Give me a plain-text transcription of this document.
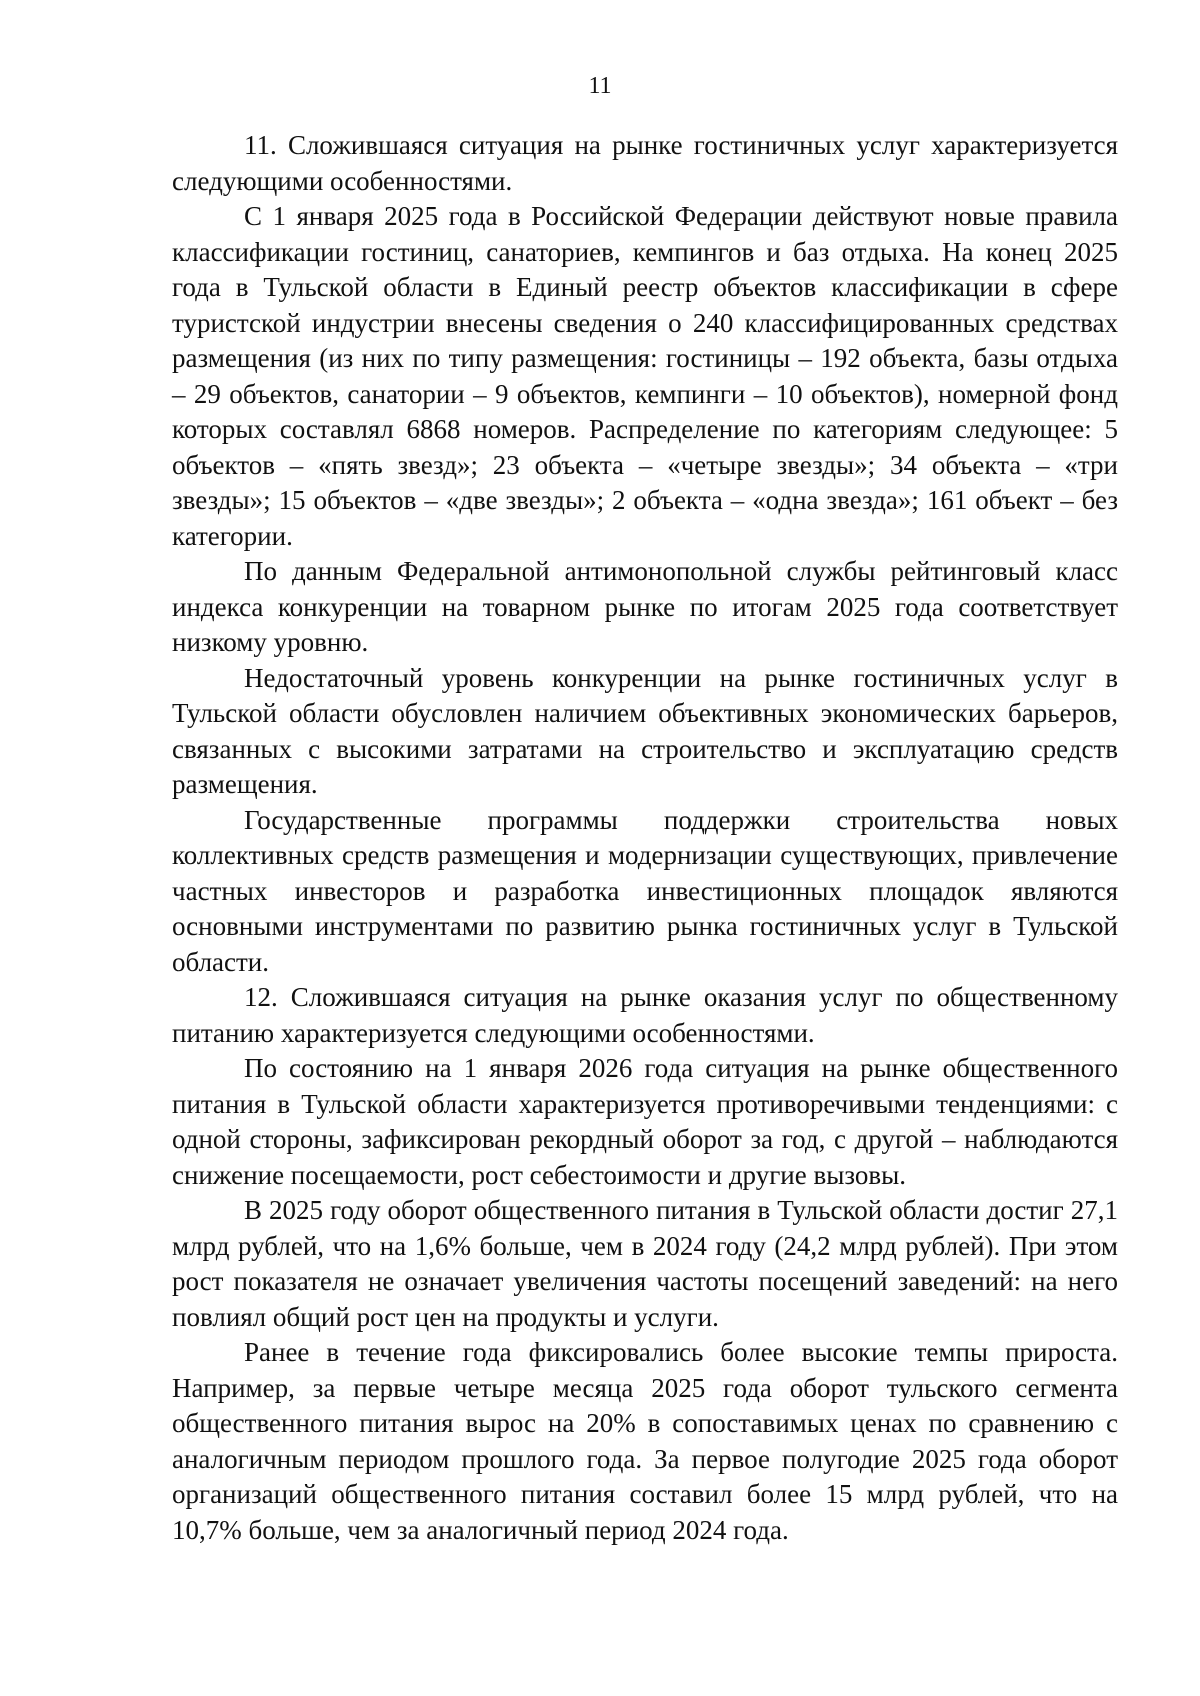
11

11. Сложившаяся ситуация на рынке гостиничных услуг характеризуется следующими особенностями.

С 1 января 2025 года в Российской Федерации действуют новые правила классификации гостиниц, санаториев, кемпингов и баз отдыха. На конец 2025 года в Тульской области в Единый реестр объектов классификации в сфере туристской индустрии внесены сведения о 240 классифицированных средствах размещения (из них по типу размещения: гостиницы – 192 объекта, базы отдыха – 29 объектов, санатории – 9 объектов, кемпинги – 10 объектов), номерной фонд которых составлял 6868 номеров. Распределение по категориям следующее: 5 объектов – «пять звезд»; 23 объекта – «четыре звезды»; 34 объекта – «три звезды»; 15 объектов – «две звезды»; 2 объекта – «одна звезда»; 161 объект – без категории.

По данным Федеральной антимонопольной службы рейтинговый класс индекса конкуренции на товарном рынке по итогам 2025 года соответствует низкому уровню.

Недостаточный уровень конкуренции на рынке гостиничных услуг в Тульской области обусловлен наличием объективных экономических барьеров, связанных с высокими затратами на строительство и эксплуатацию средств размещения.

Государственные программы поддержки строительства новых коллективных средств размещения и модернизации существующих, привлечение частных инвесторов и разработка инвестиционных площадок являются основными инструментами по развитию рынка гостиничных услуг в Тульской области.

12. Сложившаяся ситуация на рынке оказания услуг по общественному питанию характеризуется следующими особенностями.

По состоянию на 1 января 2026 года ситуация на рынке общественного питания в Тульской области характеризуется противоречивыми тенденциями: с одной стороны, зафиксирован рекордный оборот за год, с другой – наблюдаются снижение посещаемости, рост себестоимости и другие вызовы.

В 2025 году оборот общественного питания в Тульской области достиг 27,1 млрд рублей, что на 1,6% больше, чем в 2024 году (24,2 млрд рублей). При этом рост показателя не означает увеличения частоты посещений заведений: на него повлиял общий рост цен на продукты и услуги.

Ранее в течение года фиксировались более высокие темпы прироста. Например, за первые четыре месяца 2025 года оборот тульского сегмента общественного питания вырос на 20% в сопоставимых ценах по сравнению с аналогичным периодом прошлого года. За первое полугодие 2025 года оборот организаций общественного питания составил более 15 млрд рублей, что на 10,7% больше, чем за аналогичный период 2024 года.
